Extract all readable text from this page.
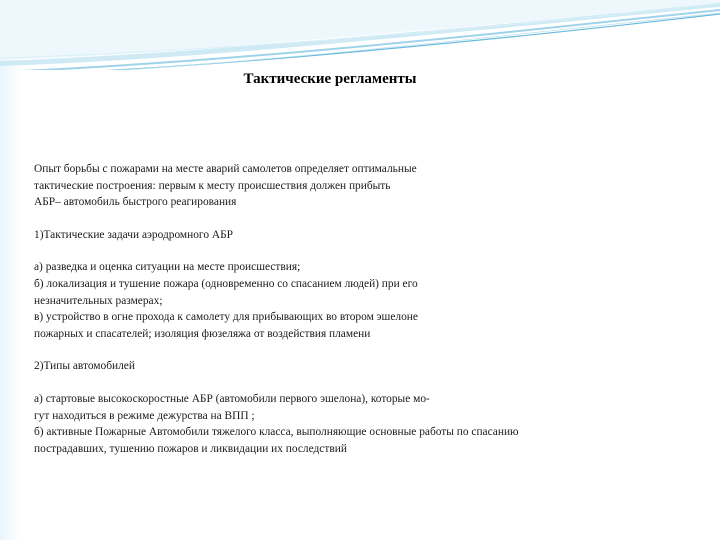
Тактические регламенты

Опыт борьбы с пожарами на месте аварий самолетов определяет оптимальные
тактические построения: первым к месту происшествия должен прибыть
АБР– автомобиль быстрого реагирования

1)Тактические задачи аэродромного АБР

а) разведка и оценка ситуации на месте происшествия;
б) локализация и тушение пожара (одновременно со спасанием людей) при его
незначительных размерах;
в) устройство в огне прохода к самолету для прибывающих во втором эшелоне
пожарных и спасателей; изоляция фюзеляжа от воздействия пламени

2)Типы автомобилей

а) стартовые высокоскоростные АБР (автомобили первого эшелона), которые мо-
гут находиться в режиме дежурства на ВПП ;
б) активные Пожарные Автомобили тяжелого класса, выполняющие основные работы по спасанию
пострадавших, тушению пожаров и ликвидации их последствий
